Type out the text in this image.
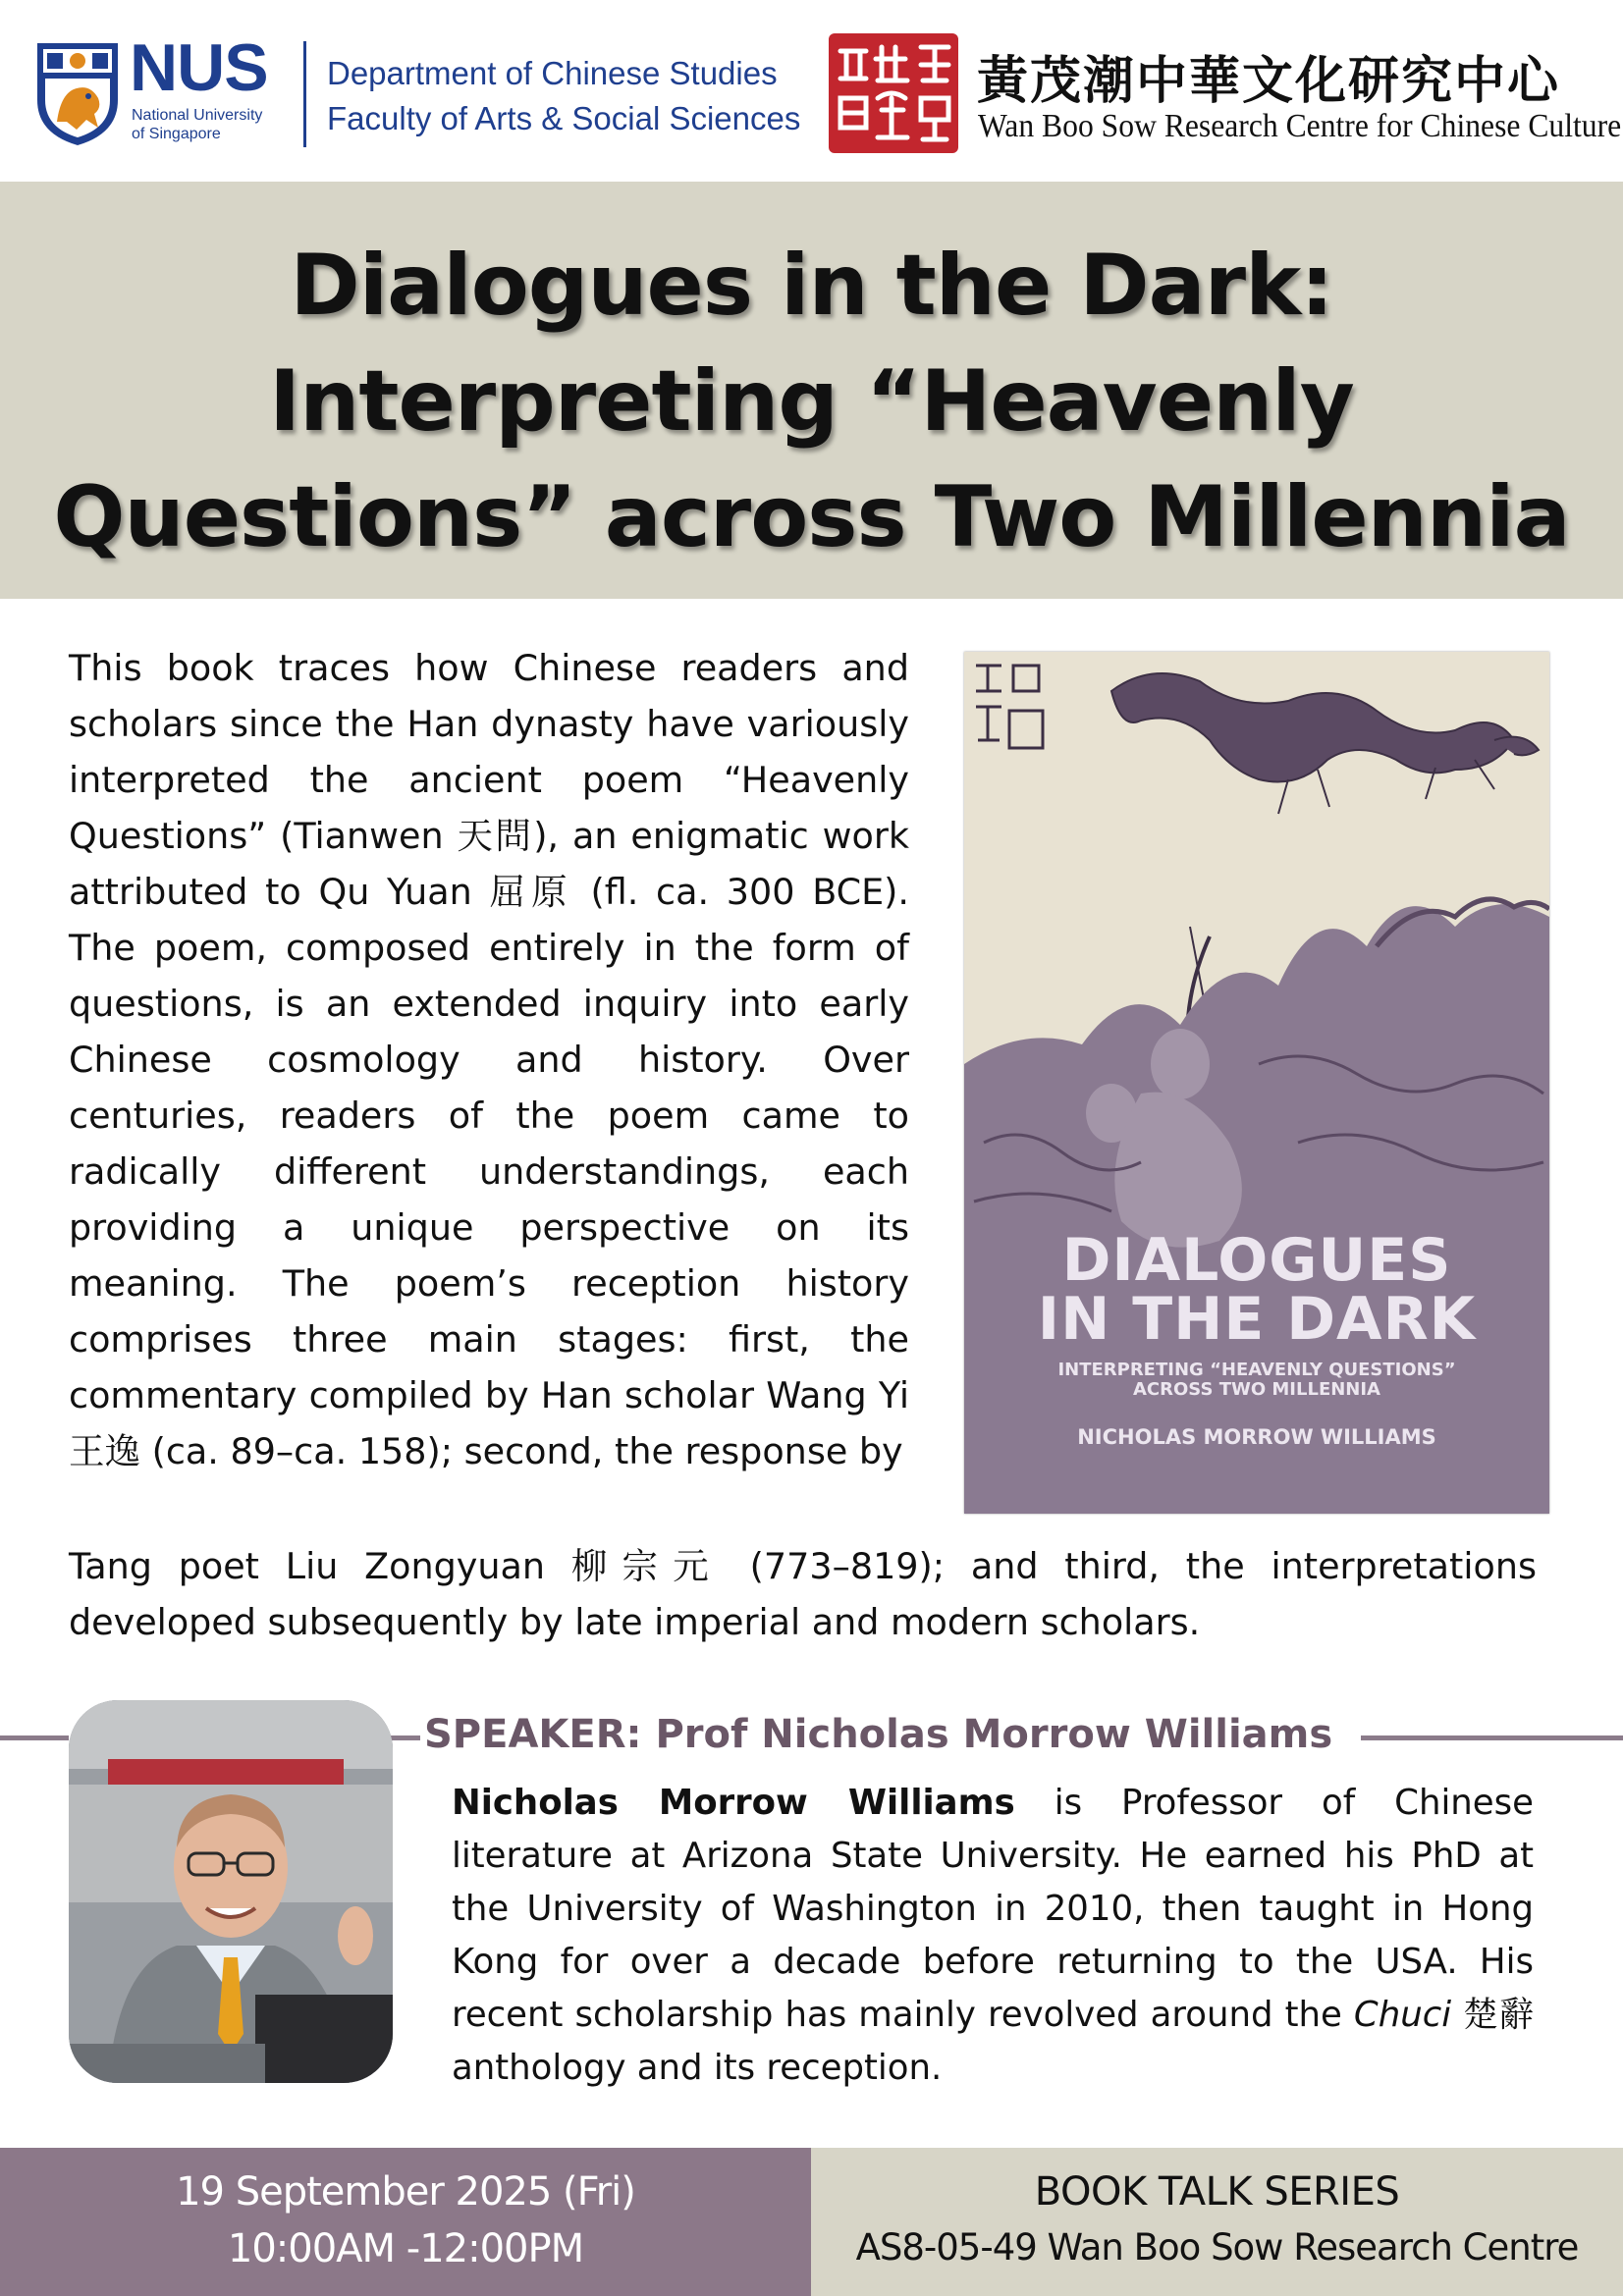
NUS
National University
of Singapore
Department of Chinese Studies
Faculty of Arts & Social Sciences
黃茂潮中華文化研究中心
Wan Boo Sow Research Centre for Chinese Culture
Dialogues in the Dark:
Interpreting “Heavenly
Questions” across Two Millennia

This book traces how Chinese readers and scholars since the Han dynasty have variously interpreted the ancient poem “Heavenly Questions” (Tianwen 天問), an enigmatic work attributed to Qu Yuan 屈原 (fl. ca. 300 BCE). The poem, composed entirely in the form of questions, is an extended inquiry into early Chinese cosmology and history. Over centuries, readers of the poem came to radically different understandings, each providing a unique perspective on its meaning. The poem’s reception history comprises three main stages: first, the commentary compiled by Han scholar Wang Yi 王逸 (ca. 89–ca. 158); second, the response by

DIALOGUES
IN THE DARK
INTERPRETING “HEAVENLY QUESTIONS”
ACROSS TWO MILLENNIA
NICHOLAS MORROW WILLIAMS

Tang poet Liu Zongyuan 柳宗元 (773–819); and third, the interpretations developed subsequently by late imperial and modern scholars.

SPEAKER: Prof Nicholas Morrow Williams

Nicholas Morrow Williams is Professor of Chinese literature at Arizona State University. He earned his PhD at the University of Washington in 2010, then taught in Hong Kong for over a decade before returning to the USA. His recent scholarship has mainly revolved around the Chuci 楚辭 anthology and its reception.

19 September 2025 (Fri)
10:00AM -12:00PM
BOOK TALK SERIES
AS8-05-49 Wan Boo Sow Research Centre
